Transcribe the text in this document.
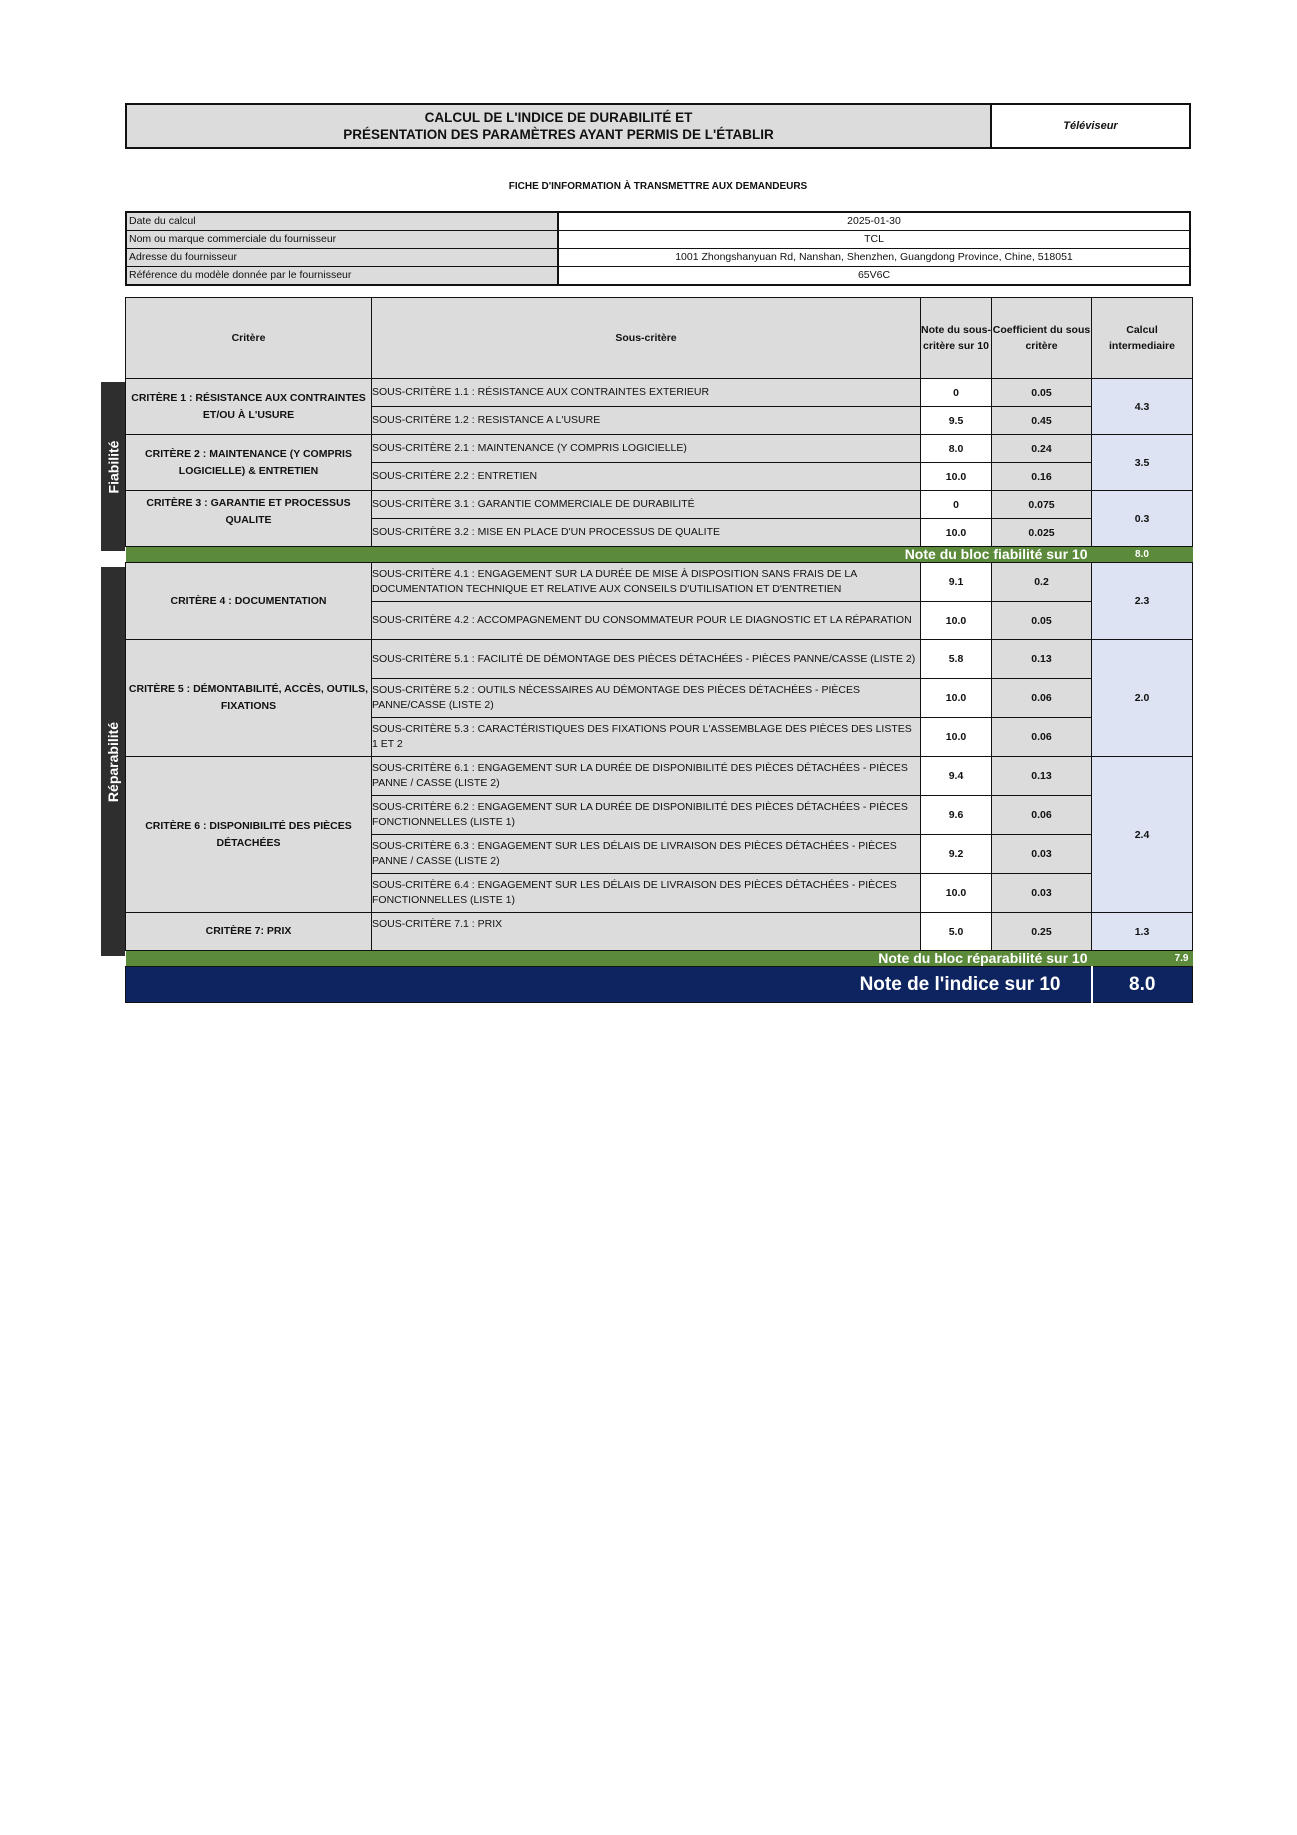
CALCUL DE L'INDICE DE DURABILITÉ ET
PRÉSENTATION DES PARAMÈTRES AYANT PERMIS DE L'ÉTABLIR
Téléviseur
FICHE D'INFORMATION À TRANSMETTRE AUX DEMANDEURS
Date du calcul	2025-01-30
Nom ou marque commerciale du fournisseur	TCL
Adresse du fournisseur	1001 Zhongshanyuan Rd, Nanshan, Shenzhen, Guangdong Province, Chine, 518051
Référence du modèle donnée par le fournisseur	65V6C
Fiabilité
Réparabilité
Critère	Sous-critère	Note du sous-critère sur 10	Coefficient du sous critère	Calcul intermediaire
CRITÈRE 1 : RÉSISTANCE AUX CONTRAINTES ET/OU À L'USURE	SOUS-CRITÈRE 1.1 : RÉSISTANCE AUX CONTRAINTES EXTERIEUR	0	0.05	4.3
	SOUS-CRITÈRE 1.2 : RESISTANCE A L'USURE	9.5	0.45	
CRITÈRE 2 : MAINTENANCE (Y COMPRIS LOGICIELLE) & ENTRETIEN	SOUS-CRITÈRE 2.1 : MAINTENANCE (Y COMPRIS LOGICIELLE)	8.0	0.24	3.5
	SOUS-CRITÈRE 2.2 : ENTRETIEN	10.0	0.16	
CRITÈRE 3 : GARANTIE ET PROCESSUS QUALITE	SOUS-CRITÈRE 3.1 : GARANTIE COMMERCIALE DE DURABILITÉ	0	0.075	0.3
	SOUS-CRITÈRE 3.2 : MISE EN PLACE D'UN PROCESSUS DE QUALITE	10.0	0.025	
Note du bloc fiabilité sur 10				8.0
CRITÈRE 4 : DOCUMENTATION	SOUS-CRITÈRE 4.1 : ENGAGEMENT SUR LA DURÉE DE MISE À DISPOSITION SANS FRAIS DE LA DOCUMENTATION TECHNIQUE ET RELATIVE AUX CONSEILS D'UTILISATION ET D'ENTRETIEN	9.1	0.2	2.3
	SOUS-CRITÈRE 4.2 : ACCOMPAGNEMENT DU CONSOMMATEUR POUR LE DIAGNOSTIC ET LA RÉPARATION	10.0	0.05	
CRITÈRE 5 : DÉMONTABILITÉ, ACCÈS, OUTILS, FIXATIONS	SOUS-CRITÈRE 5.1 : FACILITÉ DE DÉMONTAGE DES PIÈCES DÉTACHÉES - PIÈCES PANNE/CASSE (LISTE 2)	5.8	0.13	2.0
	SOUS-CRITÈRE 5.2 : OUTILS NÉCESSAIRES AU DÉMONTAGE DES PIÈCES DÉTACHÉES - PIÈCES PANNE/CASSE (LISTE 2)	10.0	0.06	
	SOUS-CRITÈRE 5.3 : CARACTÉRISTIQUES DES FIXATIONS POUR L'ASSEMBLAGE DES PIÈCES DES LISTES 1 ET 2	10.0	0.06	
CRITÈRE 6 : DISPONIBILITÉ DES PIÈCES DÉTACHÉES	SOUS-CRITÈRE 6.1 : ENGAGEMENT SUR LA DURÉE DE DISPONIBILITÉ DES PIÈCES DÉTACHÉES - PIÈCES PANNE / CASSE (LISTE 2)	9.4	0.13	2.4
	SOUS-CRITÈRE 6.2 : ENGAGEMENT SUR LA DURÉE DE DISPONIBILITÉ DES PIÈCES DÉTACHÉES - PIÈCES FONCTIONNELLES (LISTE 1)	9.6	0.06	
	SOUS-CRITÈRE 6.3 : ENGAGEMENT SUR LES DÉLAIS DE LIVRAISON DES PIÈCES DÉTACHÉES - PIÈCES PANNE / CASSE (LISTE 2)	9.2	0.03	
	SOUS-CRITÈRE 6.4 : ENGAGEMENT SUR LES DÉLAIS DE LIVRAISON DES PIÈCES DÉTACHÉES - PIÈCES FONCTIONNELLES (LISTE 1)	10.0	0.03	
CRITÈRE 7: PRIX	SOUS-CRITÈRE 7.1 : PRIX	5.0	0.25	1.3
Note du bloc réparabilité sur 10				7.9
Note de l'indice sur 10				8.0
